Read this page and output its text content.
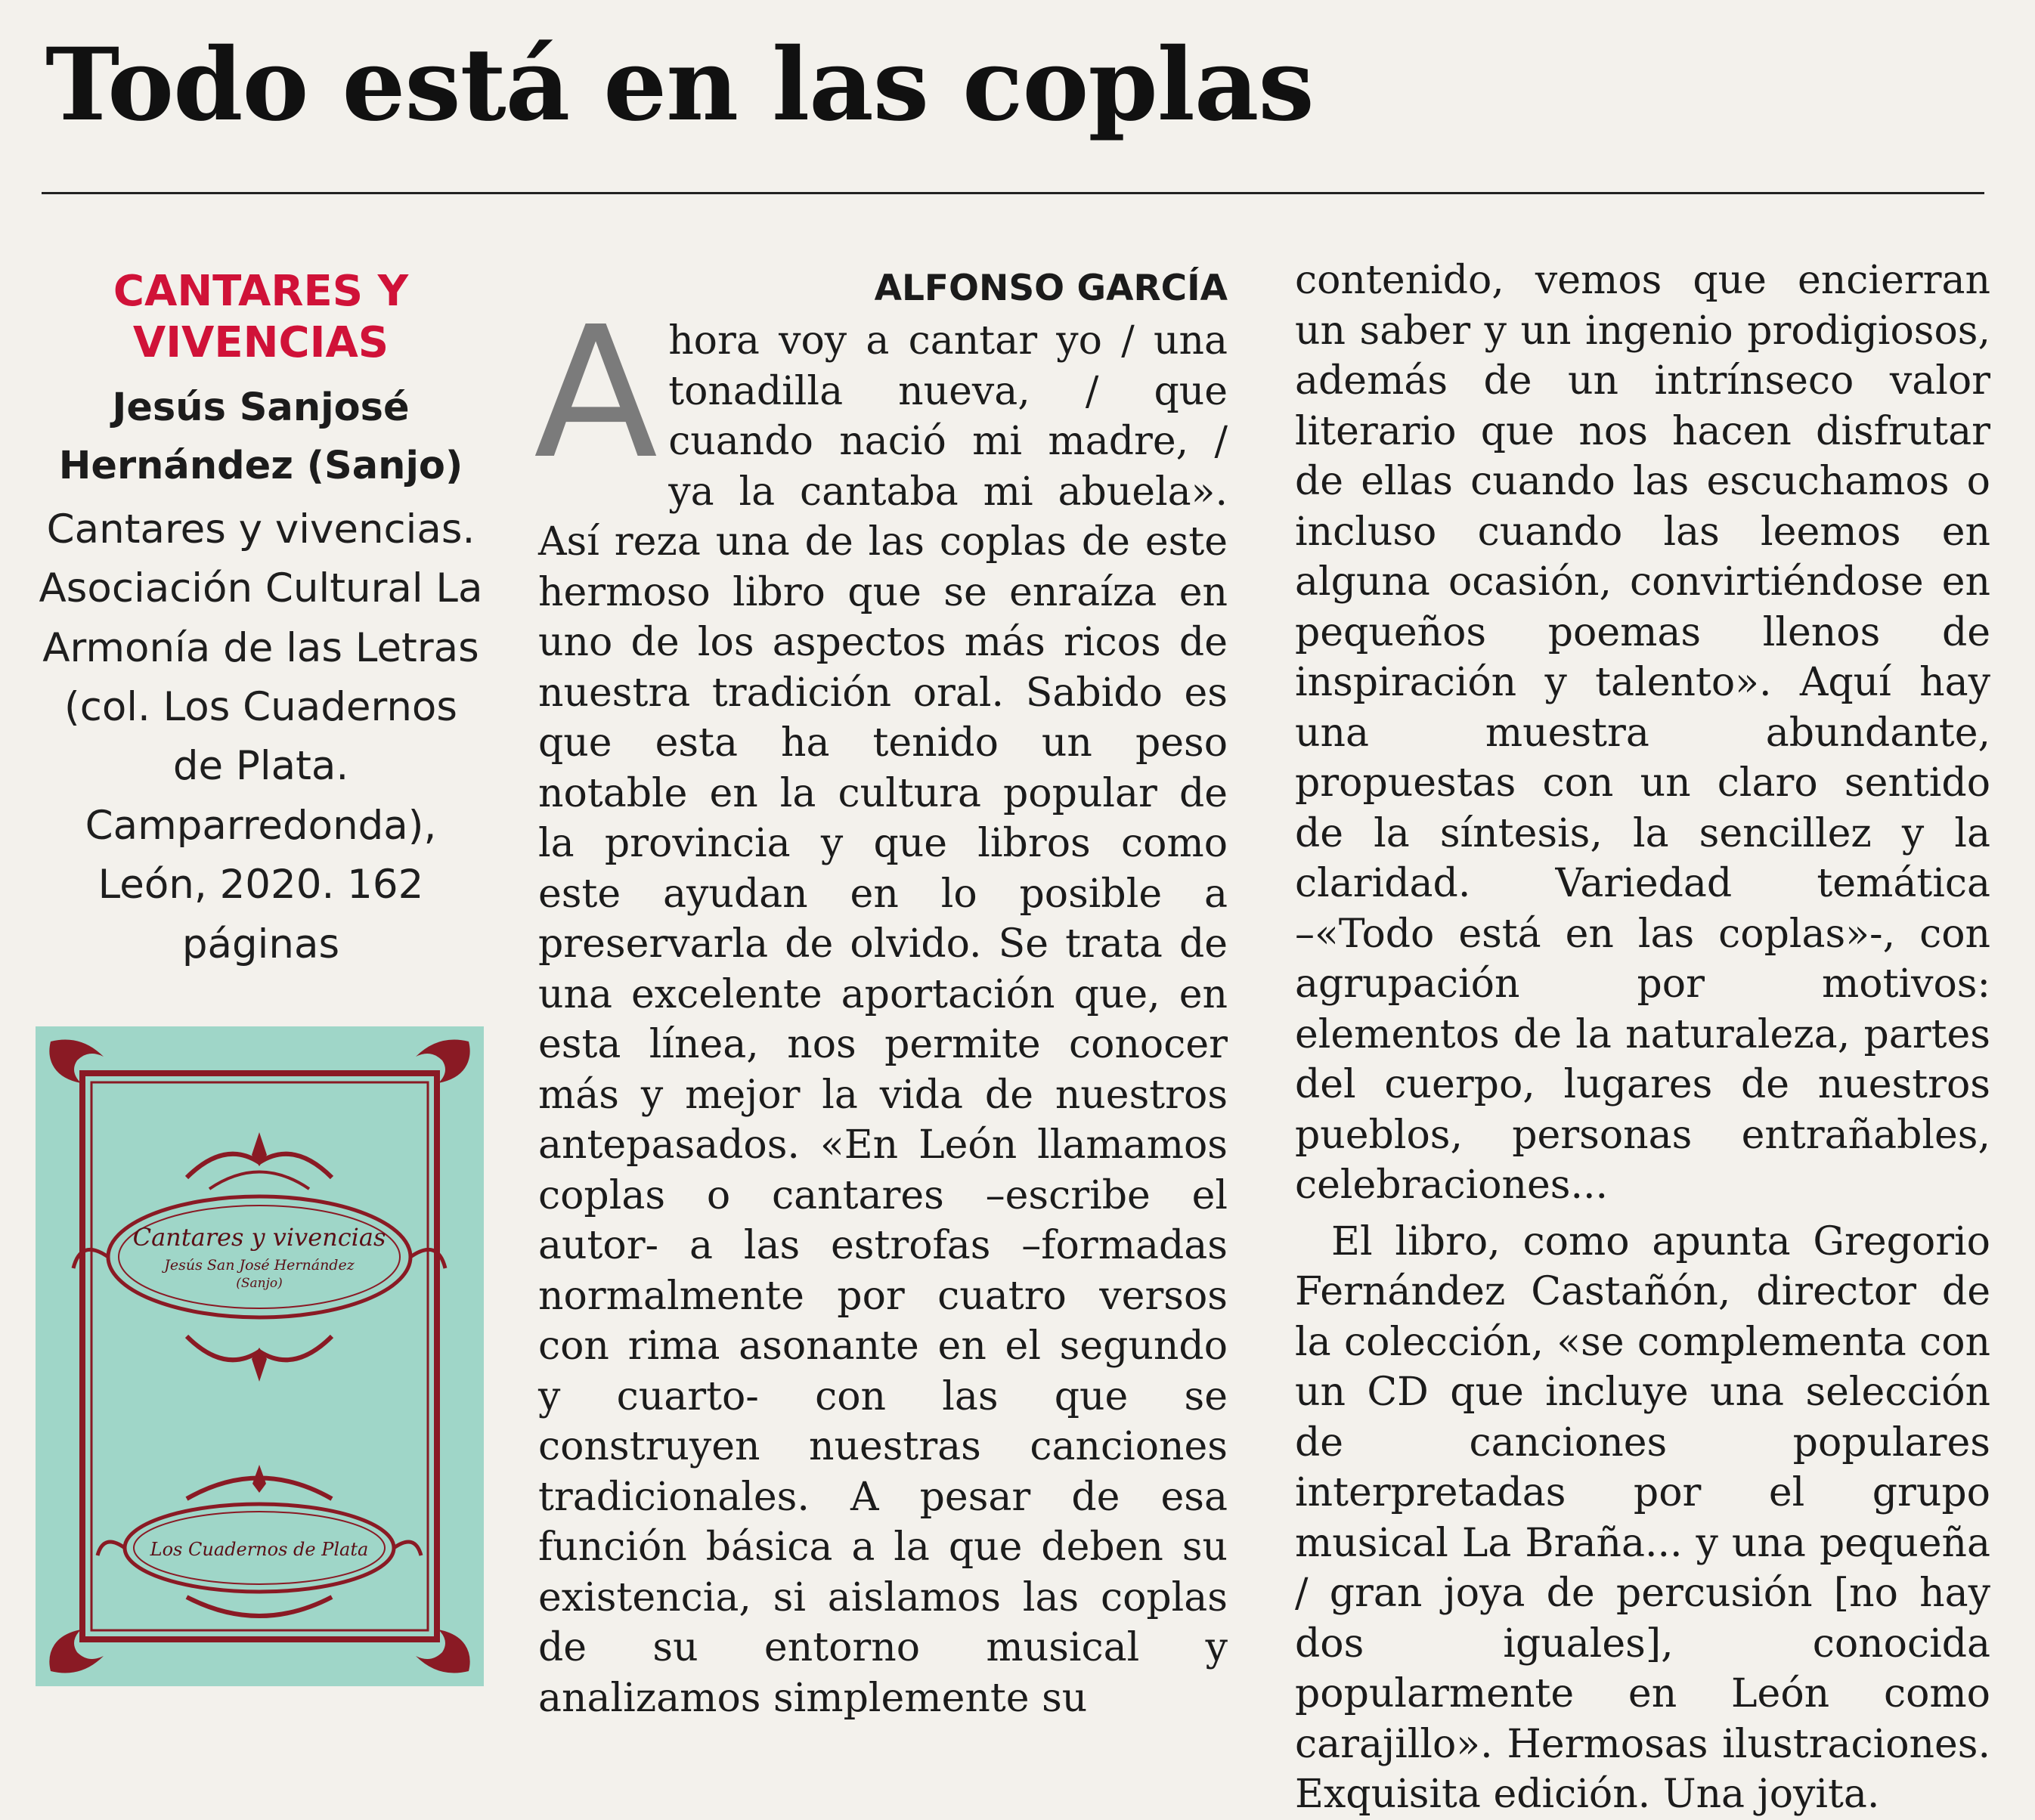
Todo está en las coplas
CANTARES Y VIVENCIAS
Jesús Sanjosé Hernández (Sanjo)
Cantares y vivencias. Asociación Cultural La Armonía de las Letras (col. Los Cuadernos de Plata. Camparredonda), León, 2020. 162 páginas
Cantares y vivencias
Jesús San José Hernández
(Sanjo)
Los Cuadernos de Plata
ALFONSO GARCÍA

Ahora voy a cantar yo / una tonadilla nueva, / que cuando nació mi madre, / ya la cantaba mi abuela». Así reza una de las coplas de este hermoso libro que se enraíza en uno de los aspectos más ricos de nuestra tradición oral. Sabido es que esta ha tenido un peso notable en la cultura popular de la provincia y que libros como este ayudan en lo posible a preservarla de olvido. Se trata de una excelente aportación que, en esta línea, nos permite conocer más y mejor la vida de nuestros antepasados. «En León llamamos coplas o cantares –escribe el autor- a las estrofas –formadas normalmente por cuatro versos con rima asonante en el segundo y cuarto- con las que se construyen nuestras canciones tradicionales. A pesar de esa función básica a la que deben su existencia, si aislamos las coplas de su entorno musical y analizamos simplemente su

contenido, vemos que encierran un saber y un ingenio prodigiosos, además de un intrínseco valor literario que nos hacen disfrutar de ellas cuando las escuchamos o incluso cuando las leemos en alguna ocasión, convirtiéndose en pequeños poemas llenos de inspiración y talento». Aquí hay una muestra abundante, propuestas con un claro sentido de la síntesis, la sencillez y la claridad. Variedad temática –«Todo está en las coplas»-, con agrupación por motivos: elementos de la naturaleza, partes del cuerpo, lugares de nuestros pueblos, personas entrañables, celebraciones...

El libro, como apunta Gregorio Fernández Castañón, director de la colección, «se complementa con un CD que incluye una selección de canciones populares interpretadas por el grupo musical La Braña... y una pequeña / gran joya de percusión [no hay dos iguales], conocida popularmente en León como carajillo». Hermosas ilustraciones. Exquisita edición. Una joyita.
